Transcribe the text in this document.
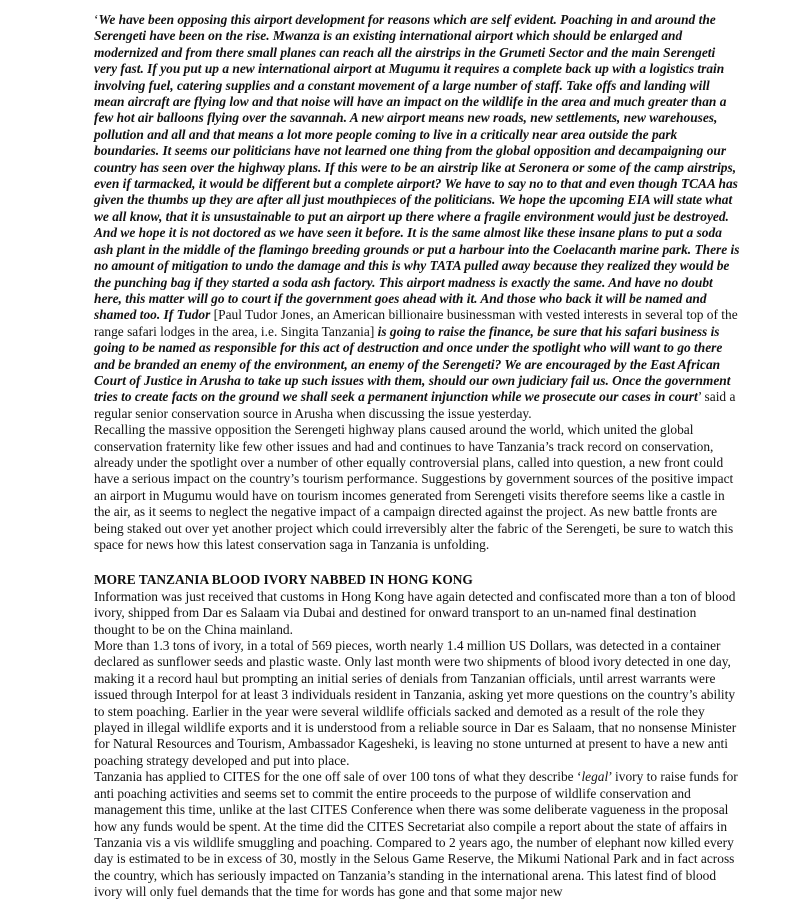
‘We have been opposing this airport development for reasons which are self evident. Poaching in and around the Serengeti have been on the rise. Mwanza is an existing international airport which should be enlarged and modernized and from there small planes can reach all the airstrips in the Grumeti Sector and the main Serengeti very fast. If you put up a new international airport at Mugumu it requires a complete back up with a logistics train involving fuel, catering supplies and a constant movement of a large number of staff. Take offs and landing will mean aircraft are flying low and that noise will have an impact on the wildlife in the area and much greater than a few hot air balloons flying over the savannah. A new airport means new roads, new settlements, new warehouses, pollution and all and that means a lot more people coming to live in a critically near area outside the park boundaries. It seems our politicians have not learned one thing from the global opposition and decampaigning our country has seen over the highway plans. If this were to be an airstrip like at Seronera or some of the camp airstrips, even if tarmacked, it would be different but a complete airport? We have to say no to that and even though TCAA has given the thumbs up they are after all just mouthpieces of the politicians. We hope the upcoming EIA will state what we all know, that it is unsustainable to put an airport up there where a fragile environment would just be destroyed. And we hope it is not doctored as we have seen it before. It is the same almost like these insane plans to put a soda ash plant in the middle of the flamingo breeding grounds or put a harbour into the Coelacanth marine park. There is no amount of mitigation to undo the damage and this is why TATA pulled away because they realized they would be the punching bag if they started a soda ash factory. This airport madness is exactly the same. And have no doubt here, this matter will go to court if the government goes ahead with it. And those who back it will be named and shamed too. If Tudor [Paul Tudor Jones, an American billionaire businessman with vested interests in several top of the range safari lodges in the area, i.e. Singita Tanzania] is going to raise the finance, be sure that his safari business is going to be named as responsible for this act of destruction and once under the spotlight who will want to go there and be branded an enemy of the environment, an enemy of the Serengeti? We are encouraged by the East African Court of Justice in Arusha to take up such issues with them, should our own judiciary fail us. Once the government tries to create facts on the ground we shall seek a permanent injunction while we prosecute our cases in court’ said a regular senior conservation source in Arusha when discussing the issue yesterday.

Recalling the massive opposition the Serengeti highway plans caused around the world, which united the global conservation fraternity like few other issues and had and continues to have Tanzania’s track record on conservation, already under the spotlight over a number of other equally controversial plans, called into question, a new front could have a serious impact on the country’s tourism performance. Suggestions by government sources of the positive impact an airport in Mugumu would have on tourism incomes generated from Serengeti visits therefore seems like a castle in the air, as it seems to neglect the negative impact of a campaign directed against the project. As new battle fronts are being staked out over yet another project which could irreversibly alter the fabric of the Serengeti, be sure to watch this space for news how this latest conservation saga in Tanzania is unfolding.

MORE TANZANIA BLOOD IVORY NABBED IN HONG KONG

Information was just received that customs in Hong Kong have again detected and confiscated more than a ton of blood ivory, shipped from Dar es Salaam via Dubai and destined for onward transport to an un-named final destination thought to be on the China mainland.

More than 1.3 tons of ivory, in a total of 569 pieces, worth nearly 1.4 million US Dollars, was detected in a container declared as sunflower seeds and plastic waste. Only last month were two shipments of blood ivory detected in one day, making it a record haul but prompting an initial series of denials from Tanzanian officials, until arrest warrants were issued through Interpol for at least 3 individuals resident in Tanzania, asking yet more questions on the country’s ability to stem poaching. Earlier in the year were several wildlife officials sacked and demoted as a result of the role they played in illegal wildlife exports and it is understood from a reliable source in Dar es Salaam, that no nonsense Minister for Natural Resources and Tourism, Ambassador Kagesheki, is leaving no stone unturned at present to have a new anti poaching strategy developed and put into place.

Tanzania has applied to CITES for the one off sale of over 100 tons of what they describe ‘legal’ ivory to raise funds for anti poaching activities and seems set to commit the entire proceeds to the purpose of wildlife conservation and management this time, unlike at the last CITES Conference when there was some deliberate vagueness in the proposal how any funds would be spent. At the time did the CITES Secretariat also compile a report about the state of affairs in Tanzania vis a vis wildlife smuggling and poaching. Compared to 2 years ago, the number of elephant now killed every day is estimated to be in excess of 30, mostly in the Selous Game Reserve, the Mikumi National Park and in fact across the country, which has seriously impacted on Tanzania’s standing in the international arena. This latest find of blood ivory will only fuel demands that the time for words has gone and that some major new
